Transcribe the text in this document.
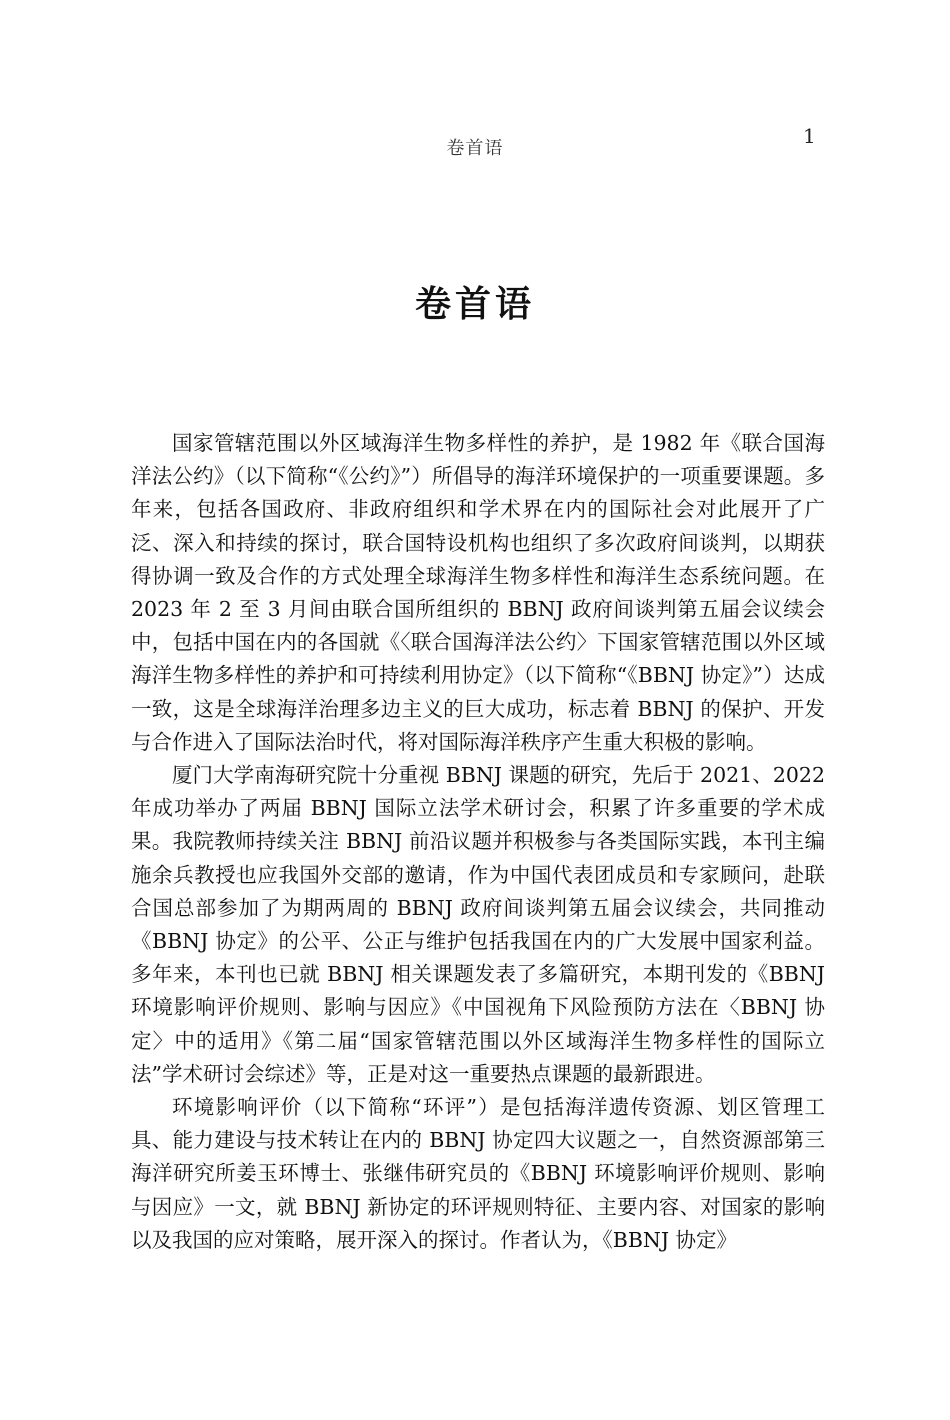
卷首语
1
卷首语

国家管辖范围以外区域海洋生物多样性的养护，是 1982 年《联合国海洋法公约》（以下简称“《公约》”）所倡导的海洋环境保护的一项重要课题。多年来，包括各国政府、非政府组织和学术界在内的国际社会对此展开了广泛、深入和持续的探讨，联合国特设机构也组织了多次政府间谈判，以期获得协调一致及合作的方式处理全球海洋生物多样性和海洋生态系统问题。在 2023 年 2 至 3 月间由联合国所组织的 BBNJ 政府间谈判第五届会议续会中，包括中国在内的各国就《〈联合国海洋法公约〉下国家管辖范围以外区域海洋生物多样性的养护和可持续利用协定》（以下简称“《BBNJ 协定》”）达成一致，这是全球海洋治理多边主义的巨大成功，标志着 BBNJ 的保护、开发与合作进入了国际法治时代，将对国际海洋秩序产生重大积极的影响。

厦门大学南海研究院十分重视 BBNJ 课题的研究，先后于 2021、2022 年成功举办了两届 BBNJ 国际立法学术研讨会，积累了许多重要的学术成果。我院教师持续关注 BBNJ 前沿议题并积极参与各类国际实践，本刊主编施余兵教授也应我国外交部的邀请，作为中国代表团成员和专家顾问，赴联合国总部参加了为期两周的 BBNJ 政府间谈判第五届会议续会，共同推动《BBNJ 协定》的公平、公正与维护包括我国在内的广大发展中国家利益。多年来，本刊也已就 BBNJ 相关课题发表了多篇研究，本期刊发的《BBNJ 环境影响评价规则、影响与因应》《中国视角下风险预防方法在〈BBNJ 协定〉中的适用》《第二届“国家管辖范围以外区域海洋生物多样性的国际立法”学术研讨会综述》等，正是对这一重要热点课题的最新跟进。

环境影响评价（以下简称“环评”）是包括海洋遗传资源、划区管理工具、能力建设与技术转让在内的 BBNJ 协定四大议题之一，自然资源部第三海洋研究所姜玉环博士、张继伟研究员的《BBNJ 环境影响评价规则、影响与因应》一文，就 BBNJ 新协定的环评规则特征、主要内容、对国家的影响以及我国的应对策略，展开深入的探讨。作者认为，《BBNJ 协定》
